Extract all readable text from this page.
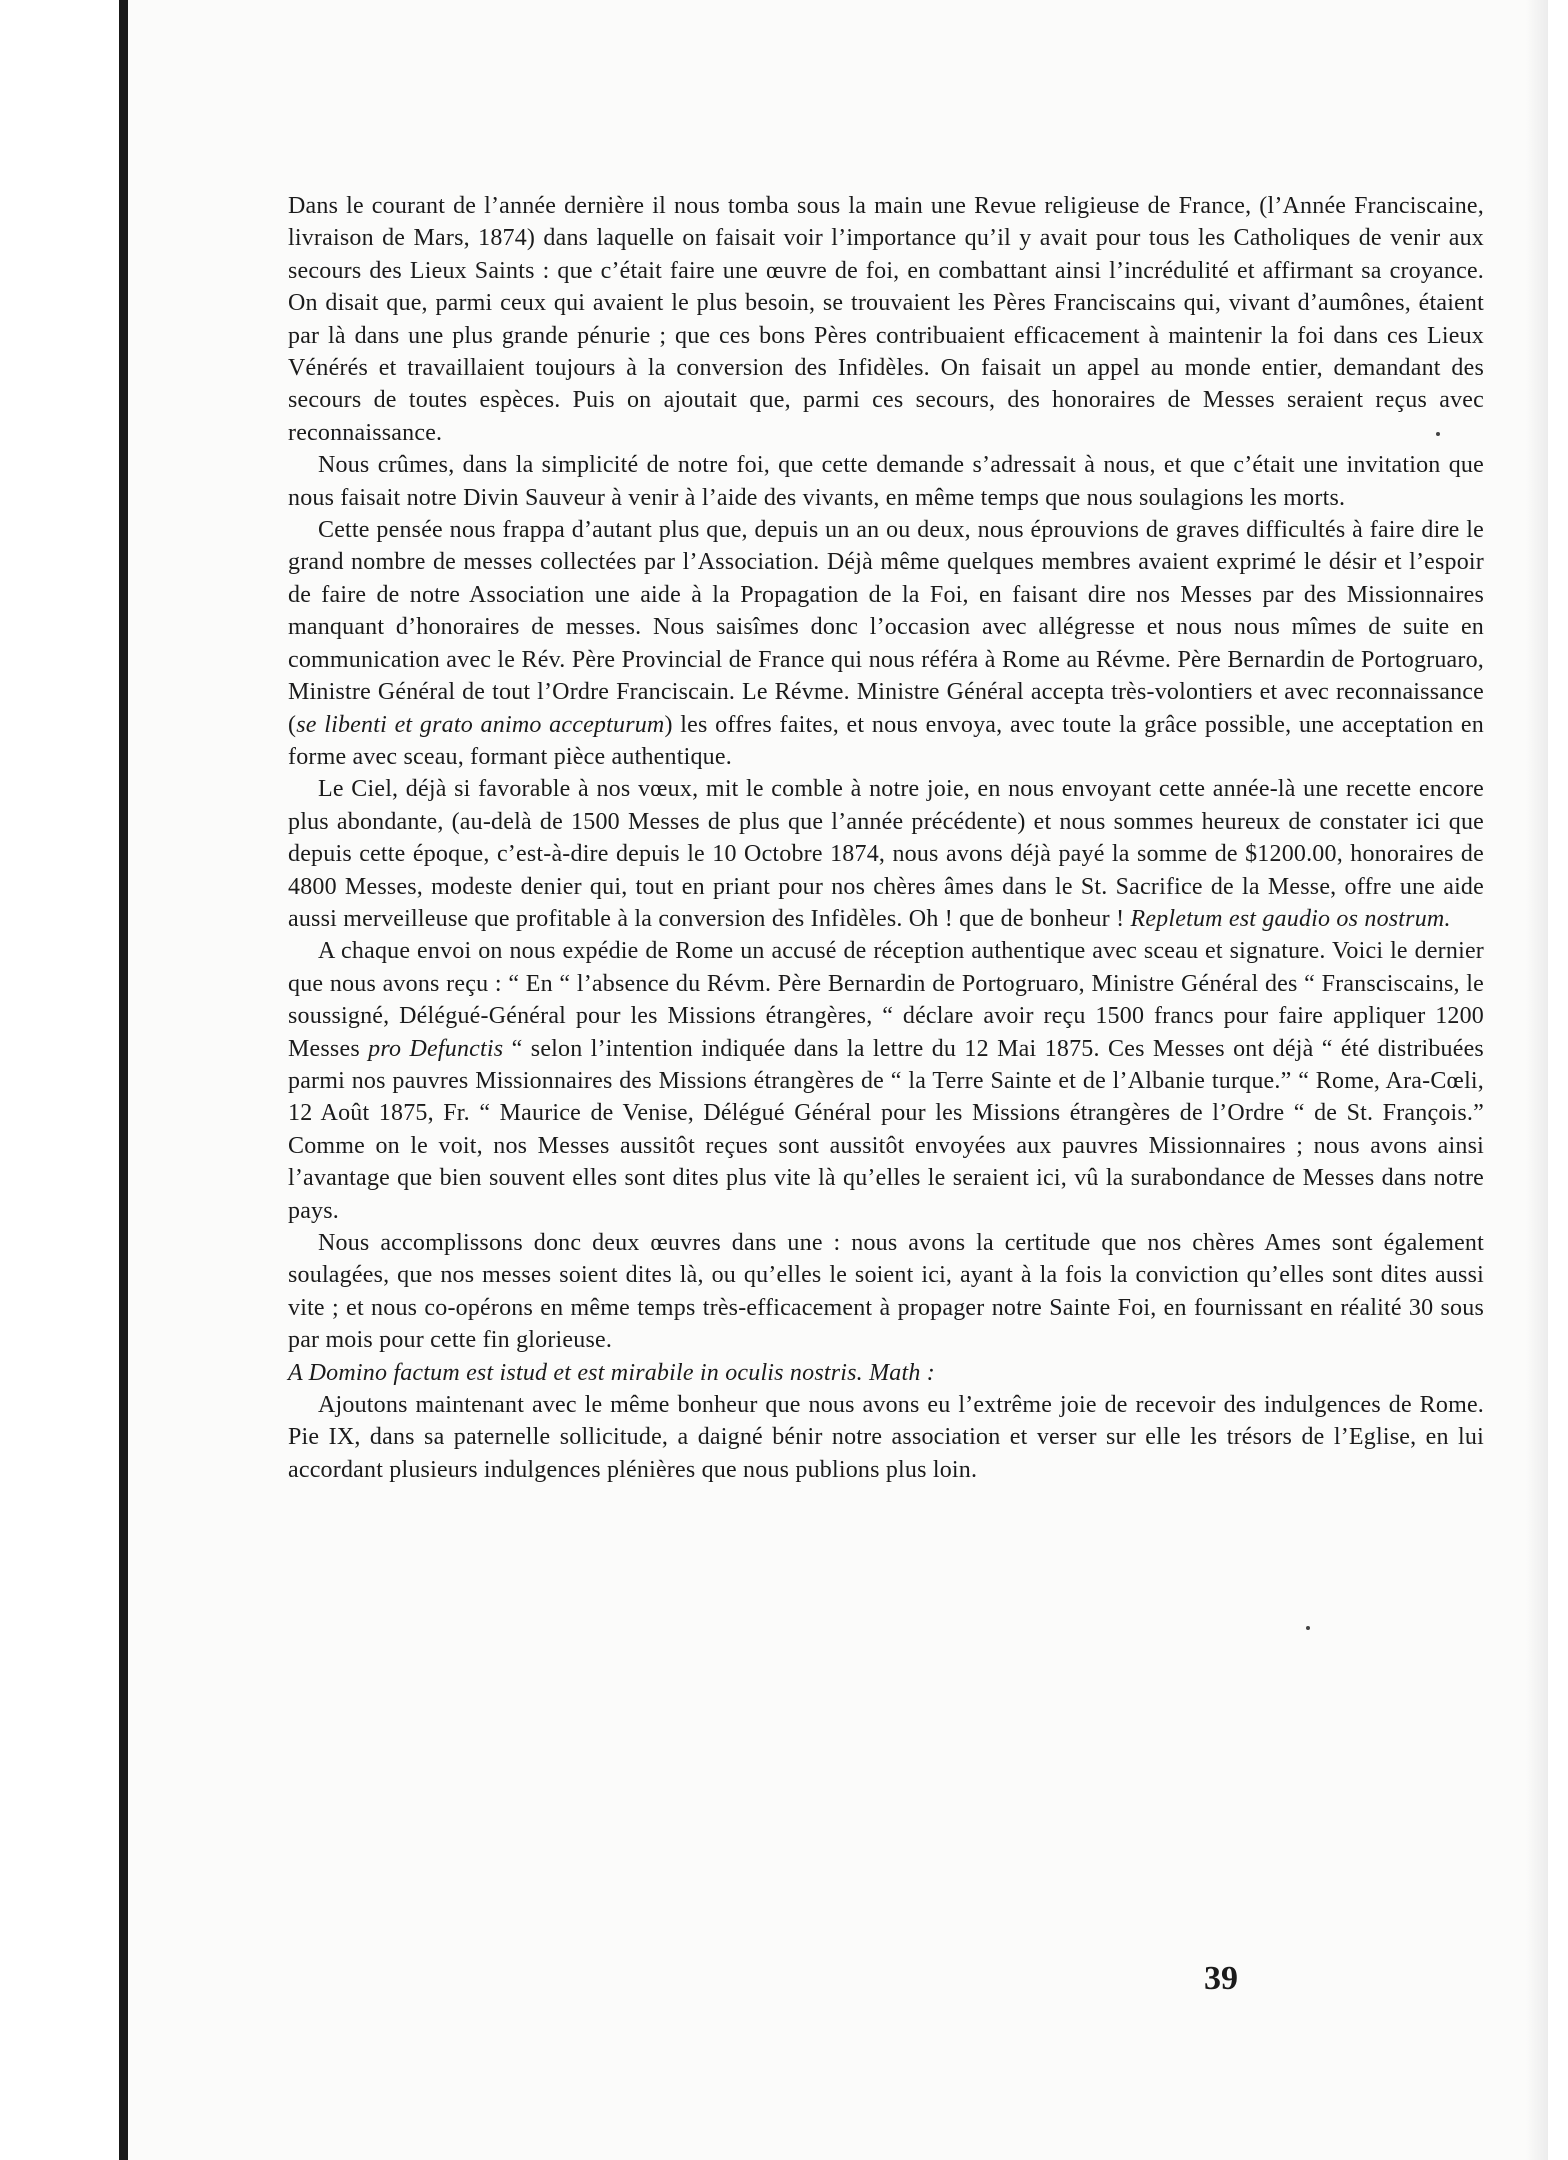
Dans le courant de l’année dernière il nous tomba sous la main une Revue religieuse de France, (l’Année Franciscaine, livraison de Mars, 1874) dans laquelle on faisait voir l’importance qu’il y avait pour tous les Catholiques de venir aux secours des Lieux Saints : que c’était faire une œuvre de foi, en combattant ainsi l’incrédulité et affirmant sa croyance. On disait que, parmi ceux qui avaient le plus besoin, se trouvaient les Pères Franciscains qui, vivant d’aumônes, étaient par là dans une plus grande pénurie ; que ces bons Pères contribuaient efficacement à maintenir la foi dans ces Lieux Vénérés et travaillaient toujours à la conversion des Infidèles. On faisait un appel au monde entier, demandant des secours de toutes espèces. Puis on ajoutait que, parmi ces secours, des honoraires de Messes seraient reçus avec reconnaissance.

Nous crûmes, dans la simplicité de notre foi, que cette demande s’adressait à nous, et que c’était une invitation que nous faisait notre Divin Sauveur à venir à l’aide des vivants, en même temps que nous soulagions les morts.

Cette pensée nous frappa d’autant plus que, depuis un an ou deux, nous éprouvions de graves difficultés à faire dire le grand nombre de messes collectées par l’Association. Déjà même quelques membres avaient exprimé le désir et l’espoir de faire de notre Association une aide à la Propagation de la Foi, en faisant dire nos Messes par des Missionnaires manquant d’honoraires de messes. Nous saisîmes donc l’occasion avec allégresse et nous nous mîmes de suite en communication avec le Rév. Père Provincial de France qui nous référa à Rome au Révme. Père Bernardin de Portogruaro, Ministre Général de tout l’Ordre Franciscain. Le Révme. Ministre Général accepta très-volontiers et avec reconnaissance (se libenti et grato animo accepturum) les offres faites, et nous envoya, avec toute la grâce possible, une acceptation en forme avec sceau, formant pièce authentique.

Le Ciel, déjà si favorable à nos vœux, mit le comble à notre joie, en nous envoyant cette année-là une recette encore plus abondante, (au-delà de 1500 Messes de plus que l’année précédente) et nous sommes heureux de constater ici que depuis cette époque, c’est-à-dire depuis le 10 Octobre 1874, nous avons déjà payé la somme de $1200.00, honoraires de 4800 Messes, modeste denier qui, tout en priant pour nos chères âmes dans le St. Sacrifice de la Messe, offre une aide aussi merveilleuse que profitable à la conversion des Infidèles. Oh ! que de bonheur ! Repletum est gaudio os nostrum.

A chaque envoi on nous expédie de Rome un accusé de réception authentique avec sceau et signature. Voici le dernier que nous avons reçu : “ En “ l’absence du Révm. Père Bernardin de Portogruaro, Ministre Général des “ Fransciscains, le soussigné, Délégué-Général pour les Missions étrangères, “ déclare avoir reçu 1500 francs pour faire appliquer 1200 Messes pro Defunctis “ selon l’intention indiquée dans la lettre du 12 Mai 1875. Ces Messes ont déjà “ été distribuées parmi nos pauvres Missionnaires des Missions étrangères de “ la Terre Sainte et de l’Albanie turque.” “ Rome, Ara-Cœli, 12 Août 1875, Fr. “ Maurice de Venise, Délégué Général pour les Missions étrangères de l’Ordre “ de St. François.” Comme on le voit, nos Messes aussitôt reçues sont aussitôt envoyées aux pauvres Missionnaires ; nous avons ainsi l’avantage que bien souvent elles sont dites plus vite là qu’elles le seraient ici, vû la surabondance de Messes dans notre pays.

Nous accomplissons donc deux œuvres dans une : nous avons la certitude que nos chères Ames sont également soulagées, que nos messes soient dites là, ou qu’elles le soient ici, ayant à la fois la conviction qu’elles sont dites aussi vite ; et nous co-opérons en même temps très-efficacement à propager notre Sainte Foi, en fournissant en réalité 30 sous par mois pour cette fin glorieuse.

A Domino factum est istud et est mirabile in oculis nostris. Math :

Ajoutons maintenant avec le même bonheur que nous avons eu l’extrême joie de recevoir des indulgences de Rome. Pie IX, dans sa paternelle sollicitude, a daigné bénir notre association et verser sur elle les trésors de l’Eglise, en lui accordant plusieurs indulgences plénières que nous publions plus loin.

39
